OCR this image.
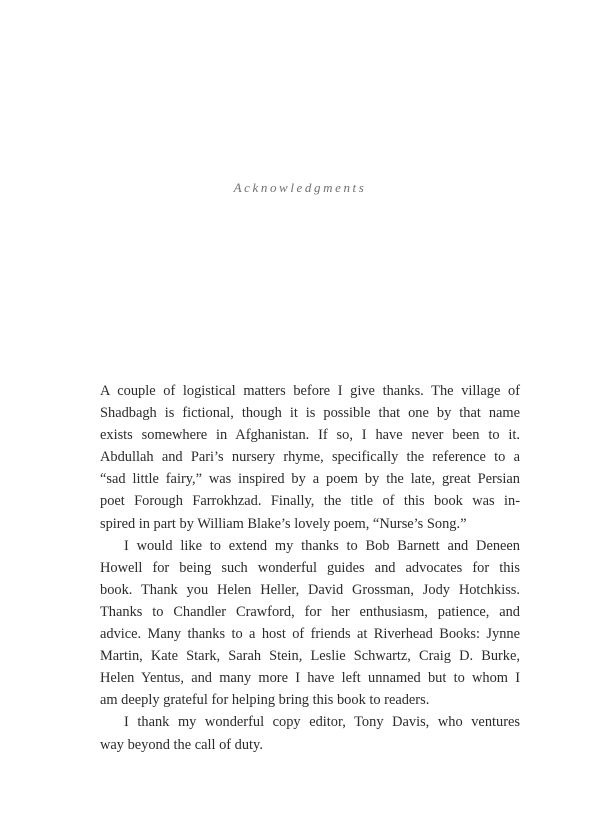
Acknowledgments
A couple of logistical matters before I give thanks. The village of
Shadbagh is fictional, though it is possible that one by that name
exists somewhere in Afghanistan. If so, I have never been to it.
Abdullah and Pari’s nursery rhyme, specifically the reference to a
“sad little fairy,” was inspired by a poem by the late, great Persian
poet Forough Farrokhzad. Finally, the title of this book was in-
spired in part by William Blake’s lovely poem, “Nurse’s Song.”
I would like to extend my thanks to Bob Barnett and Deneen
Howell for being such wonderful guides and advocates for this
book. Thank you Helen Heller, David Grossman, Jody Hotchkiss.
Thanks to Chandler Crawford, for her enthusiasm, patience, and
advice. Many thanks to a host of friends at Riverhead Books: Jynne
Martin, Kate Stark, Sarah Stein, Leslie Schwartz, Craig D. Burke,
Helen Yentus, and many more I have left unnamed but to whom I
am deeply grateful for helping bring this book to readers.
I thank my wonderful copy editor, Tony Davis, who ventures
way beyond the call of duty.
